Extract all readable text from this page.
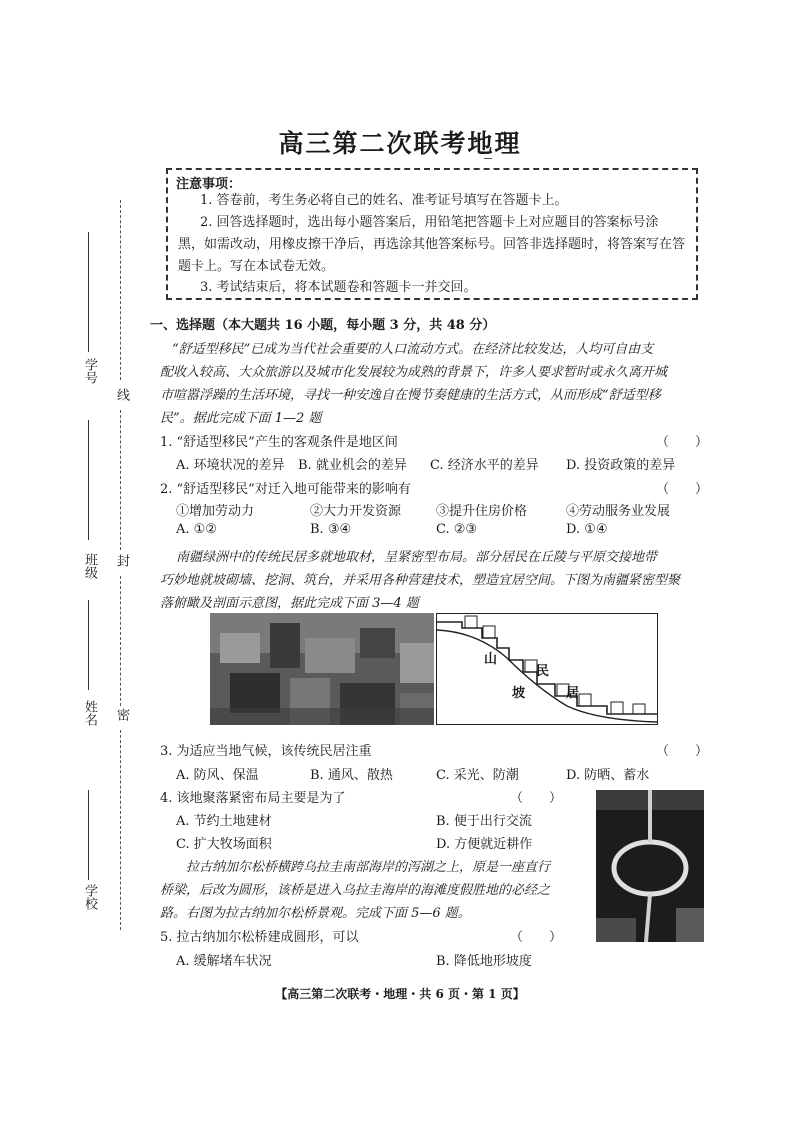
高三第二次联考地理
注意事项：
1. 答卷前，考生务必将自己的姓名、准考证号填写在答题卡上。
2. 回答选择题时，选出每小题答案后，用铅笔把答题卡上对应题目的答案标号涂
黑，如需改动，用橡皮擦干净后，再选涂其他答案标号。回答非选择题时，将答案写在答
题卡上。写在本试卷无效。
3. 考试结束后，将本试题卷和答题卡一并交回。
学号
班级
姓名
学校
线
封
密
一、选择题（本大题共 16 小题，每小题 3 分，共 48 分）
“舒适型移民”已成为当代社会重要的人口流动方式。在经济比较发达，人均可自由支
配收入较高、大众旅游以及城市化发展较为成熟的背景下，许多人要求暂时或永久离开城
市喧嚣浮躁的生活环境，寻找一种安逸自在慢节奏健康的生活方式，从而形成“舒适型移
民”。据此完成下面 1—2 题
1. “舒适型移民”产生的客观条件是地区间	（　　）
A. 环境状况的差异 B. 就业机会的差异 C. 经济水平的差异 D. 投资政策的差异
2. “舒适型移民”对迁入地可能带来的影响有	（　　）
①增加劳动力	②大力开发资源	③提升住房价格	④劳动服务业发展
A. ①②	B. ③④	C. ②③	D. ①④
南疆绿洲中的传统民居多就地取材，呈紧密型布局。部分居民在丘陵与平原交接地带
巧妙地就坡砌墙、挖洞、筑台，并采用各种营建技术，塑造宜居空间。下图为南疆紧密型聚
落俯瞰及剖面示意图，据此完成下面 3—4 题
山
坡
民
居
3. 为适应当地气候，该传统民居注重	（　　）
A. 防风、保温	B. 通风、散热	C. 采光、防潮	D. 防晒、蓄水
4. 该地聚落紧密布局主要是为了	（　　）
A. 节约土地建材	B. 便于出行交流
C. 扩大牧场面积	D. 方便就近耕作
拉古纳加尔松桥横跨乌拉圭南部海岸的泻湖之上，原是一座直行
桥梁，后改为圆形，该桥是进入乌拉圭海岸的海滩度假胜地的必经之
路。右图为拉古纳加尔松桥景观。完成下面 5—6 题。
5. 拉古纳加尔松桥建成圆形，可以	（　　）
A. 缓解堵车状况	B. 降低地形坡度
【高三第二次联考・地理・共 6 页・第 1 页】
